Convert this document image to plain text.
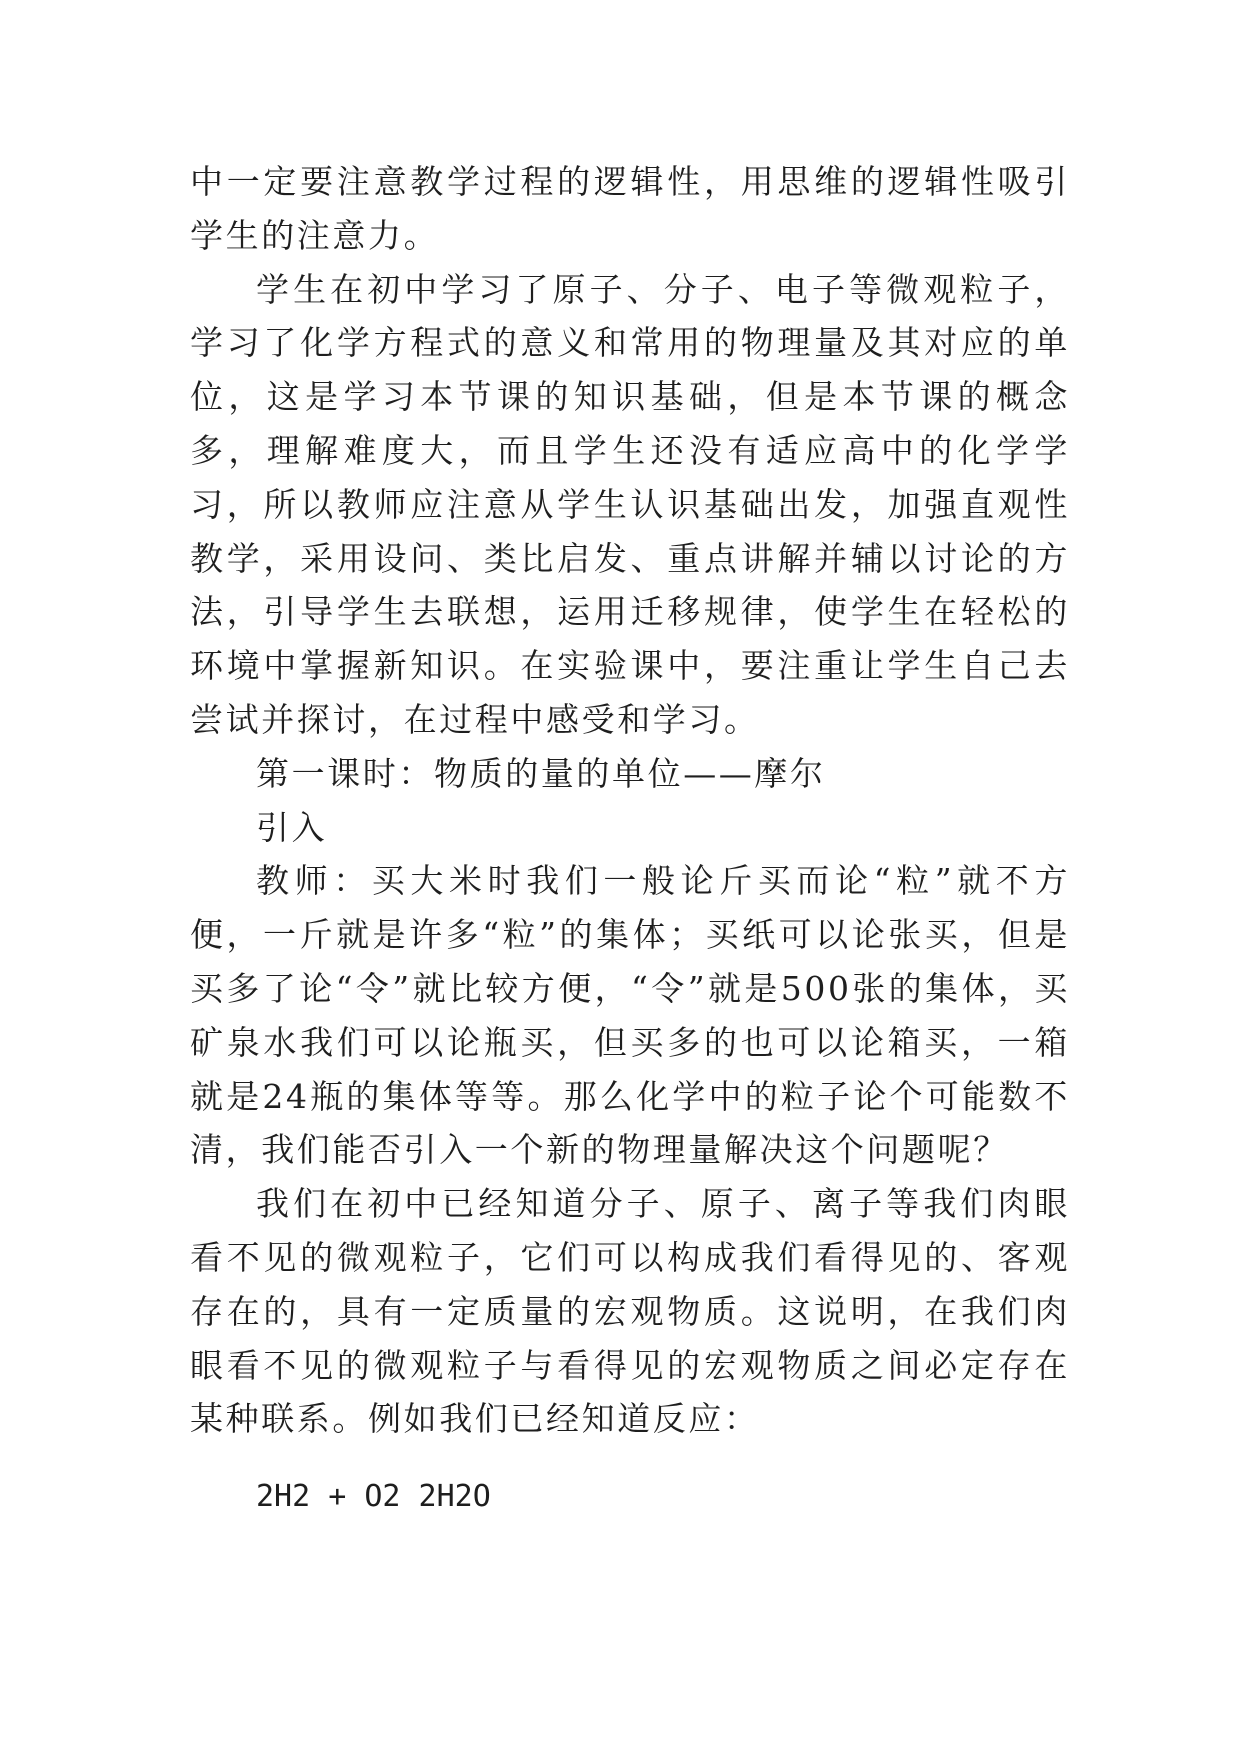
中一定要注意教学过程的逻辑性，用思维的逻辑性吸引学生的注意力。

学生在初中学习了原子、分子、电子等微观粒子，学习了化学方程式的意义和常用的物理量及其对应的单位，这是学习本节课的知识基础，但是本节课的概念多，理解难度大，而且学生还没有适应高中的化学学习，所以教师应注意从学生认识基础出发，加强直观性教学，采用设问、类比启发、重点讲解并辅以讨论的方法，引导学生去联想，运用迁移规律，使学生在轻松的环境中掌握新知识。在实验课中，要注重让学生自己去尝试并探讨，在过程中感受和学习。

第一课时：物质的量的单位——摩尔

引入

教师：买大米时我们一般论斤买而论“粒”就不方便，一斤就是许多“粒”的集体；买纸可以论张买，但是买多了论“令”就比较方便，“令”就是500张的集体，买矿泉水我们可以论瓶买，但买多的也可以论箱买，一箱就是24瓶的集体等等。那么化学中的粒子论个可能数不清，我们能否引入一个新的物理量解决这个问题呢？

我们在初中已经知道分子、原子、离子等我们肉眼看不见的微观粒子，它们可以构成我们看得见的、客观存在的，具有一定质量的宏观物质。这说明，在我们肉眼看不见的微观粒子与看得见的宏观物质之间必定存在某种联系。例如我们已经知道反应：

2H2 + O2 2H2O
